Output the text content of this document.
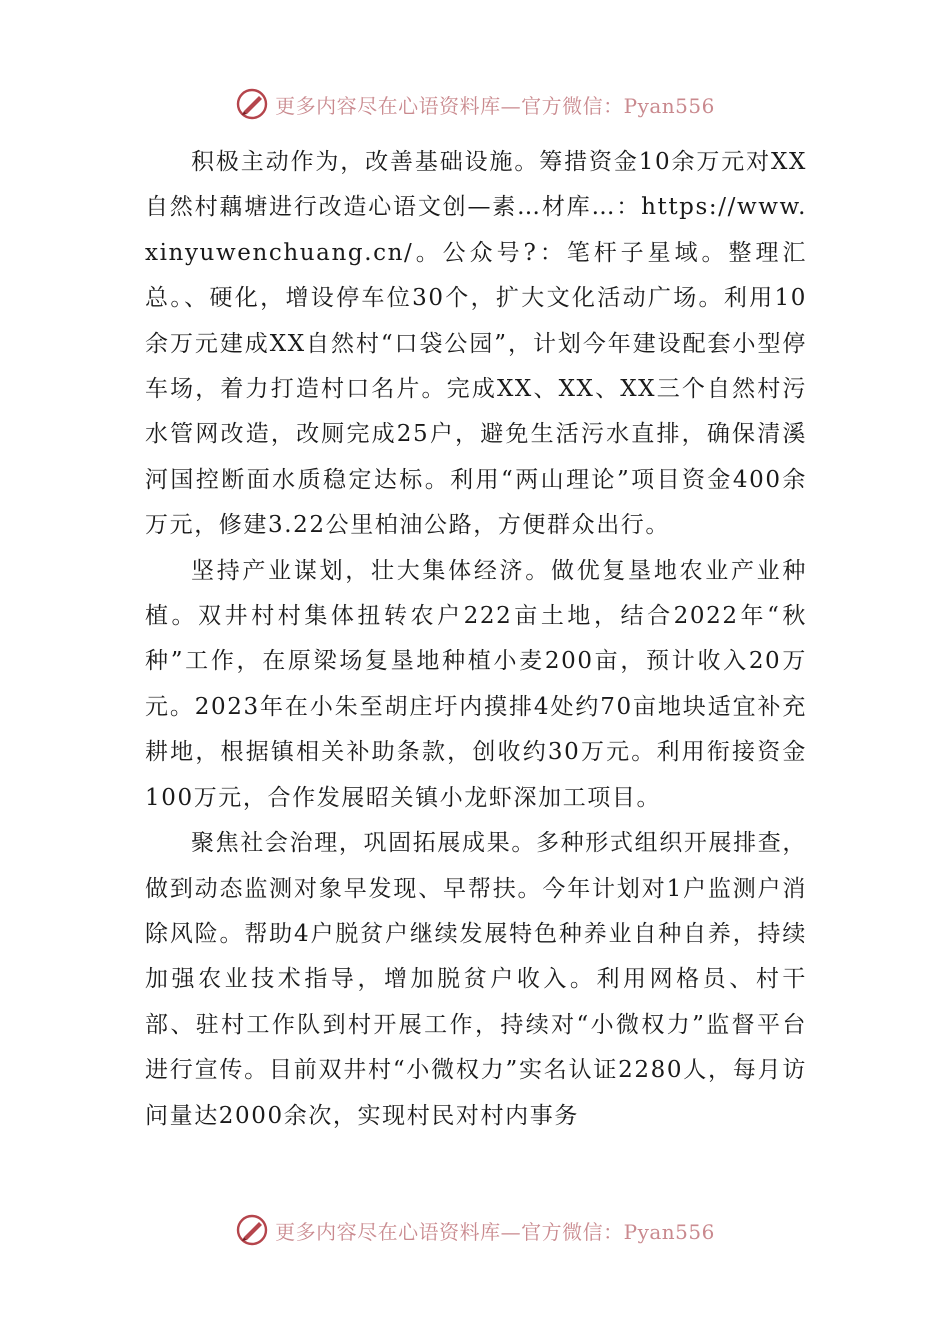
更多内容尽在心语资料库—官方微信：Pyan556

积极主动作为，改善基础设施。筹措资金10余万元对XX自然村藕塘进行改造心语文创—素…材库…：https://www.xinyuwenchuang.cn/。公众号?：笔杆子星域。整理汇总。、硬化，增设停车位30个，扩大文化活动广场。利用10余万元建成XX自然村“口袋公园”，计划今年建设配套小型停车场，着力打造村口名片。完成XX、XX、XX三个自然村污水管网改造，改厕完成25户，避免生活污水直排，确保清溪河国控断面水质稳定达标。利用“两山理论”项目资金400余万元，修建3.22公里柏油公路，方便群众出行。

坚持产业谋划，壮大集体经济。做优复垦地农业产业种植。双井村村集体扭转农户222亩土地，结合2022年“秋种”工作，在原梁场复垦地种植小麦200亩，预计收入20万元。2023年在小朱至胡庄圩内摸排4处约70亩地块适宜补充耕地，根据镇相关补助条款，创收约30万元。利用衔接资金100万元，合作发展昭关镇小龙虾深加工项目。

聚焦社会治理，巩固拓展成果。多种形式组织开展排查，做到动态监测对象早发现、早帮扶。今年计划对1户监测户消除风险。帮助4户脱贫户继续发展特色种养业自种自养，持续加强农业技术指导，增加脱贫户收入。利用网格员、村干部、驻村工作队到村开展工作，持续对“小微权力”监督平台进行宣传。目前双井村“小微权力”实名认证2280人，每月访问量达2000余次，实现村民对村内事务

更多内容尽在心语资料库—官方微信：Pyan556
